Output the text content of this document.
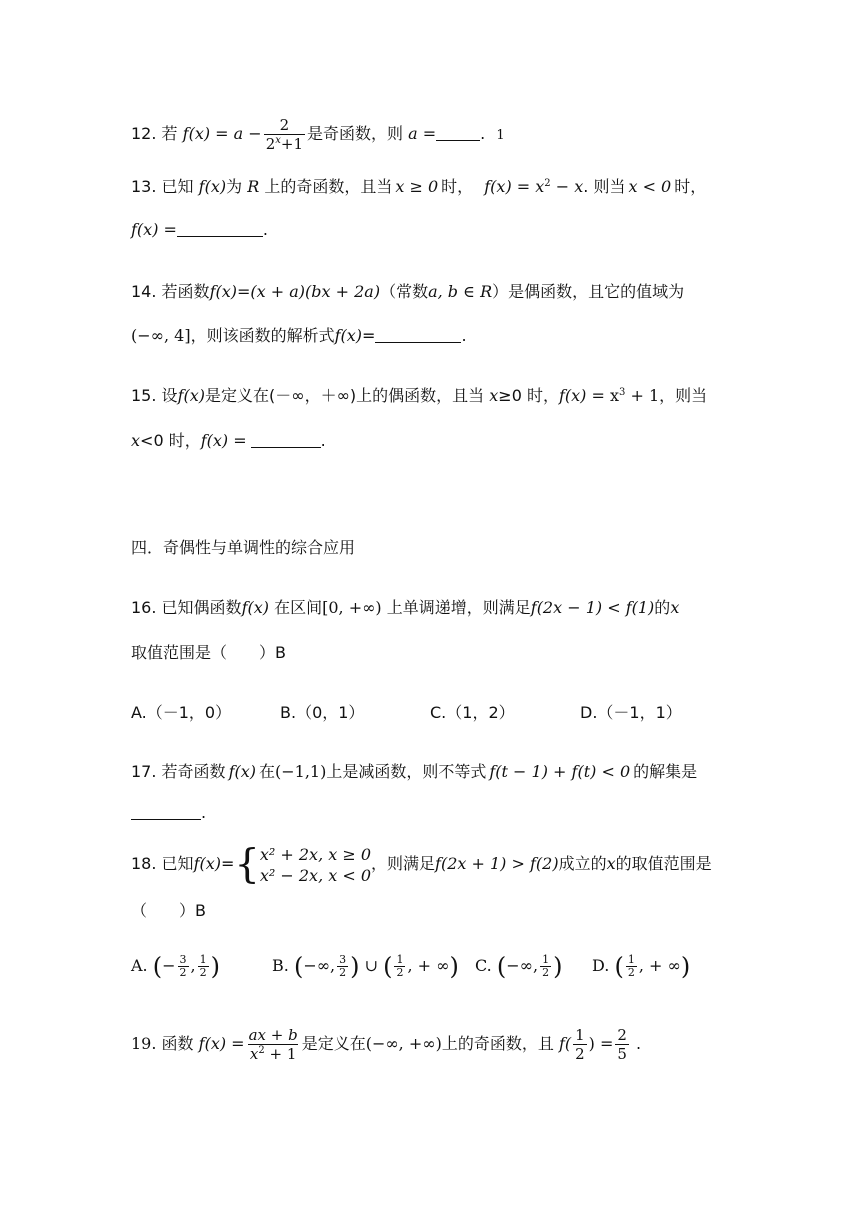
12. 若 $f(x) = a - \frac{2}{2^x+1}$ 是奇函数，则 a =	. 1
13. 已知 f(x)为 R 上的奇函数，且当 x ≥ 0 时， $f(x) = x^2 - x$. 则当 x < 0 时，
f(x) =	.
14. 若函数f(x)=(x + a)(bx + 2a)（常数a, b ∈ R）是偶函数，且它的值域为
(−∞, 4]，则该函数的解析式f(x)=	.
15. 设f(x)是定义在(－∞，＋∞)上的偶函数，且当 x≥0 时，$f(x) = x^3 + 1$，则当
x<0 时，f(x) =	.
四．奇偶性与单调性的综合应用
16. 已知偶函数f(x) 在区间[0, +∞) 上单调递增，则满足f(2x − 1) < f(1)的x
取值范围是（　　）B
A.（－1，0）	B.（0，1）	C.（1，2）	D.（－1，1）
17. 若奇函数 f(x) 在(−1,1)上是减函数，则不等式 f(t − 1) + f(t) < 0 的解集是
.
18. 已知f(x)={ x² + 2x, x ≥ 0
x² − 2x, x < 0
，则满足f(2x + 1) > f(2)成立的x的取值范围是
（　　）B
A. (− $\frac{3}{2}$ , $\frac{1}{2}$ )	B. (−∞, $\frac{3}{2}$ ) ∪ ( $\frac{1}{2}$ , + ∞) C. (−∞, $\frac{1}{2}$ ) D. ( $\frac{1}{2}$ , + ∞)
19. 函数 $f(x) = \frac{ax + b}{x^2 + 1}$ 是定义在(−∞, +∞)上的奇函数，且 $f( \frac{1}{2}$ ) = $\frac{2}{5}$ .
